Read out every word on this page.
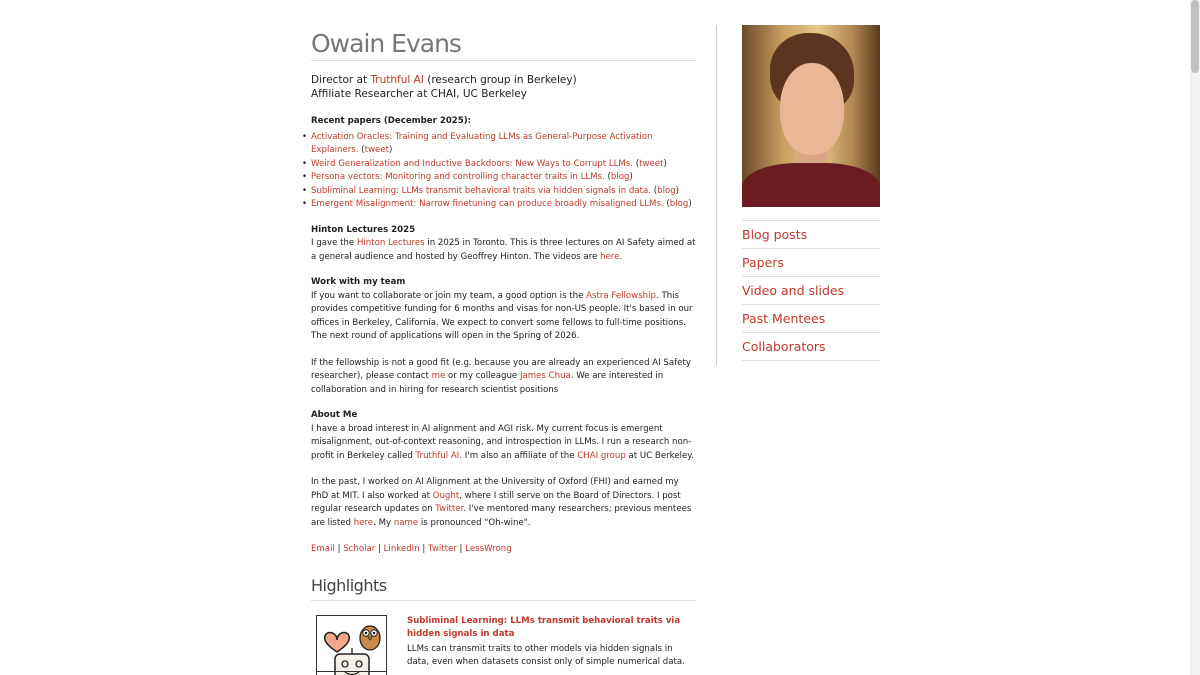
Owain Evans
Director at Truthful AI (research group in Berkeley)
Affiliate Researcher at CHAI, UC Berkeley
Recent papers (December 2025):
• Activation Oracles: Training and Evaluating LLMs as General-Purpose Activation Explainers. (tweet)
• Weird Generalization and Inductive Backdoors: New Ways to Corrupt LLMs. (tweet)
• Persona vectors: Monitoring and controlling character traits in LLMs. (blog)
• Subliminal Learning: LLMs transmit behavioral traits via hidden signals in data. (blog)
• Emergent Misalignment: Narrow finetuning can produce broadly misaligned LLMs. (blog)
Hinton Lectures 2025

I gave the Hinton Lectures in 2025 in Toronto. This is three lectures on AI Safety aimed at a general audience and hosted by Geoffrey Hinton. The videos are here.

Work with my team

If you want to collaborate or join my team, a good option is the Astra Fellowship. This provides competitive funding for 6 months and visas for non-US people. It's based in our offices in Berkeley, California. We expect to convert some fellows to full-time positions. The next round of applications will open in the Spring of 2026.

If the fellowship is not a good fit (e.g. because you are already an experienced AI Safety researcher), please contact me or my colleague James Chua. We are interested in collaboration and in hiring for research scientist positions

About Me

I have a broad interest in AI alignment and AGI risk. My current focus is emergent misalignment, out-of-context reasoning, and introspection in LLMs. I run a research non-profit in Berkeley called Truthful AI. I'm also an affiliate of the CHAI group at UC Berkeley.

In the past, I worked on AI Alignment at the University of Oxford (FHI) and earned my PhD at MIT. I also worked at Ought, where I still serve on the Board of Directors. I post regular research updates on Twitter. I've mentored many researchers; previous mentees are listed here. My name is pronounced "Oh-wine".

Email | Scholar | LinkedIn | Twitter | LessWrong
Highlights
Subliminal Learning: LLMs transmit behavioral traits via hidden signals in data
LLMs can transmit traits to other models via hidden signals in data, even when datasets consist only of simple numerical data.
Blog posts
Papers
Video and slides
Past Mentees
Collaborators
